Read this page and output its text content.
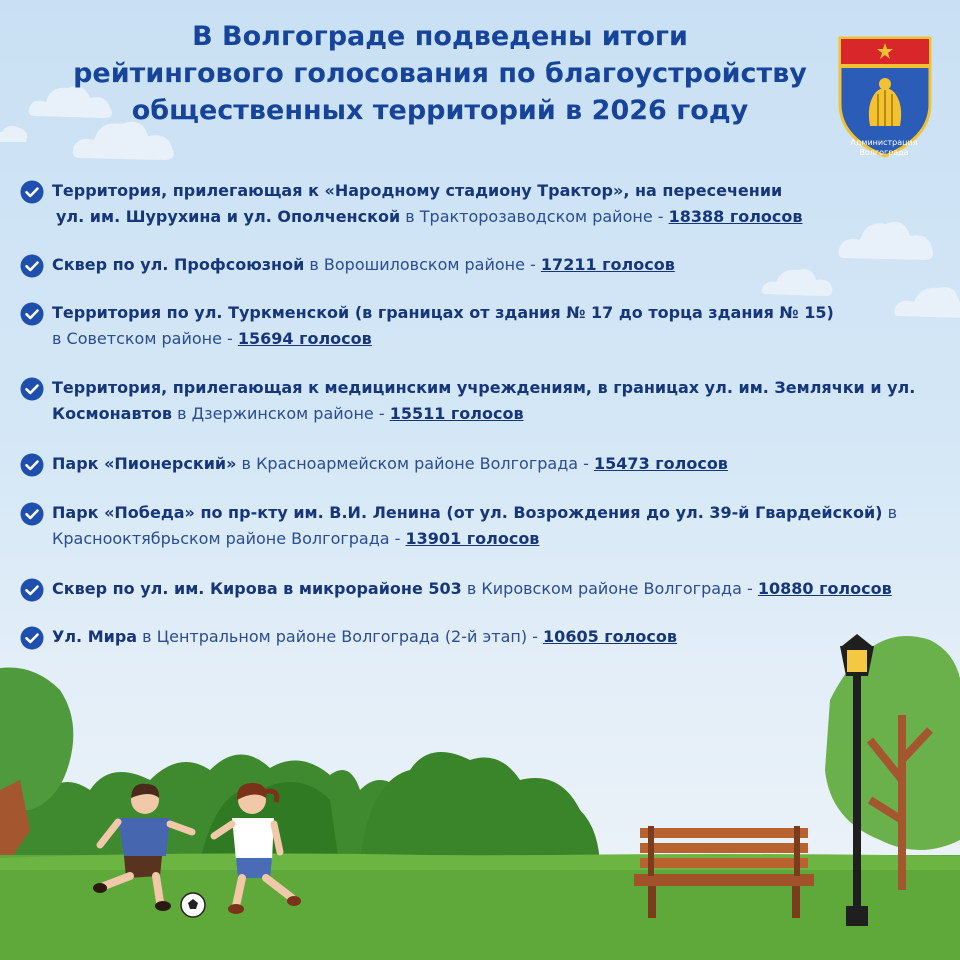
В Волгограде подведены итоги
рейтингового голосования по благоустройству
общественных территорий в 2026 году
Администрация
Волгограда
Территория, прилегающая к «Народному стадиону Трактор», на пересечении
ул. им. Шурухина и ул. Ополченской в Тракторозаводском районе - 18388 голосов
Сквер по ул. Профсоюзной в Ворошиловском районе - 17211 голосов
Территория по ул. Туркменской (в границах от здания № 17 до торца здания № 15)
в Советском районе - 15694 голосов
Территория, прилегающая к медицинским учреждениям, в границах ул. им. Землячки и ул.
Космонавтов в Дзержинском районе - 15511 голосов
Парк «Пионерский» в Красноармейском районе Волгограда - 15473 голосов
Парк «Победа» по пр-кту им. В.И. Ленина (от ул. Возрождения до ул. 39-й Гвардейской) в
Краснооктябрьском районе Волгограда - 13901 голосов
Сквер по ул. им. Кирова в микрорайоне 503 в Кировском районе Волгограда - 10880 голосов
Ул. Мира в Центральном районе Волгограда (2-й этап) - 10605 голосов
